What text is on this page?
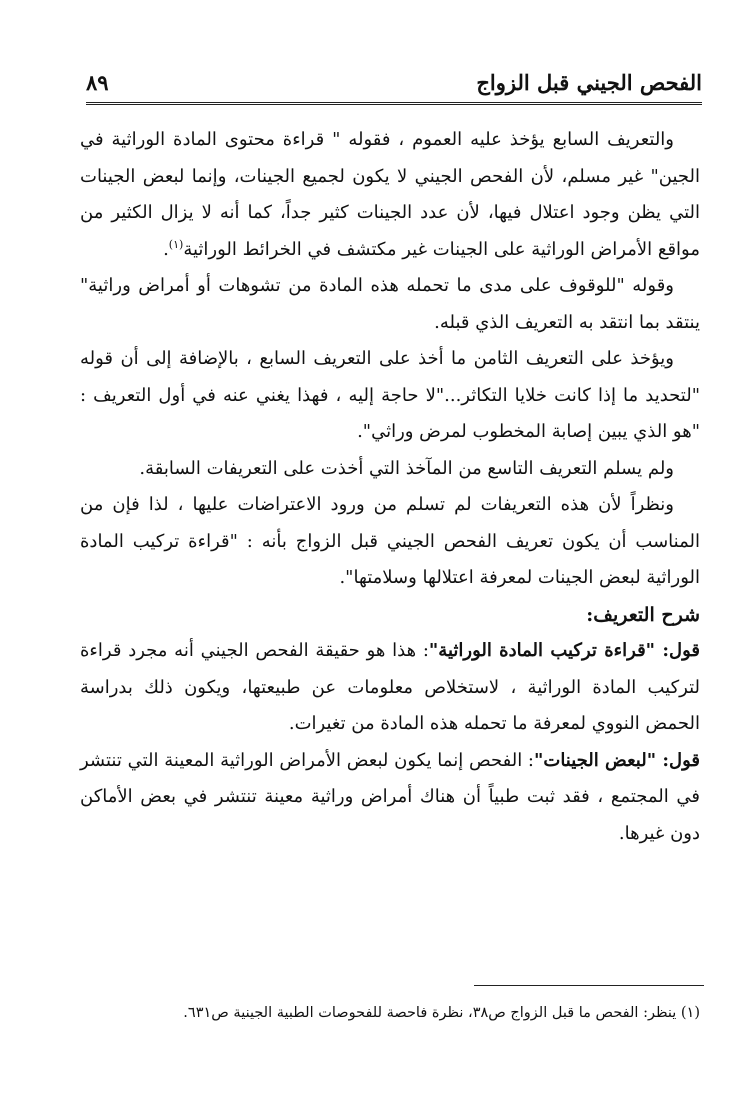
الفحص الجيني قبل الزواج
٨٩

والتعريف السابع يؤخذ عليه العموم ، فقوله " قراءة محتوى المادة الوراثية في الجين" غير مسلم، لأن الفحص الجيني لا يكون لجميع الجينات، وإنما لبعض الجينات التي يظن وجود اعتلال فيها، لأن عدد الجينات كثير جداً، كما أنه لا يزال الكثير من مواقع الأمراض الوراثية على الجينات غير مكتشف في الخرائط الوراثية$^{(١)}$.

وقوله "للوقوف على مدى ما تحمله هذه المادة من تشوهات أو أمراض وراثية" ينتقد بما انتقد به التعريف الذي قبله.

ويؤخذ على التعريف الثامن ما أخذ على التعريف السابع ، بالإضافة إلى أن قوله "لتحديد ما إذا كانت خلايا التكاثر..."لا حاجة إليه ، فهذا يغني عنه في أول التعريف : "هو الذي يبين إصابة المخطوب لمرض وراثي".

ولم يسلم التعريف التاسع من المآخذ التي أخذت على التعريفات السابقة.

ونظراً لأن هذه التعريفات لم تسلم من ورود الاعتراضات عليها ، لذا فإن من المناسب أن يكون تعريف الفحص الجيني قبل الزواج بأنه : "قراءة تركيب المادة الوراثية لبعض الجينات لمعرفة اعتلالها وسلامتها".

شرح التعريف:

قول: "قراءة تركيب المادة الوراثية": هذا هو حقيقة الفحص الجيني أنه مجرد قراءة لتركيب المادة الوراثية ، لاستخلاص معلومات عن طبيعتها، ويكون ذلك بدراسة الحمض النووي لمعرفة ما تحمله هذه المادة من تغيرات.

قول: "لبعض الجينات": الفحص إنما يكون لبعض الأمراض الوراثية المعينة التي تنتشر في المجتمع ، فقد ثبت طبياً أن هناك أمراض وراثية معينة تنتشر في بعض الأماكن دون غيرها.

(١) ينظر: الفحص ما قبل الزواج ص٣٨، نظرة فاحصة للفحوصات الطبية الجينية ص٦٣١.
